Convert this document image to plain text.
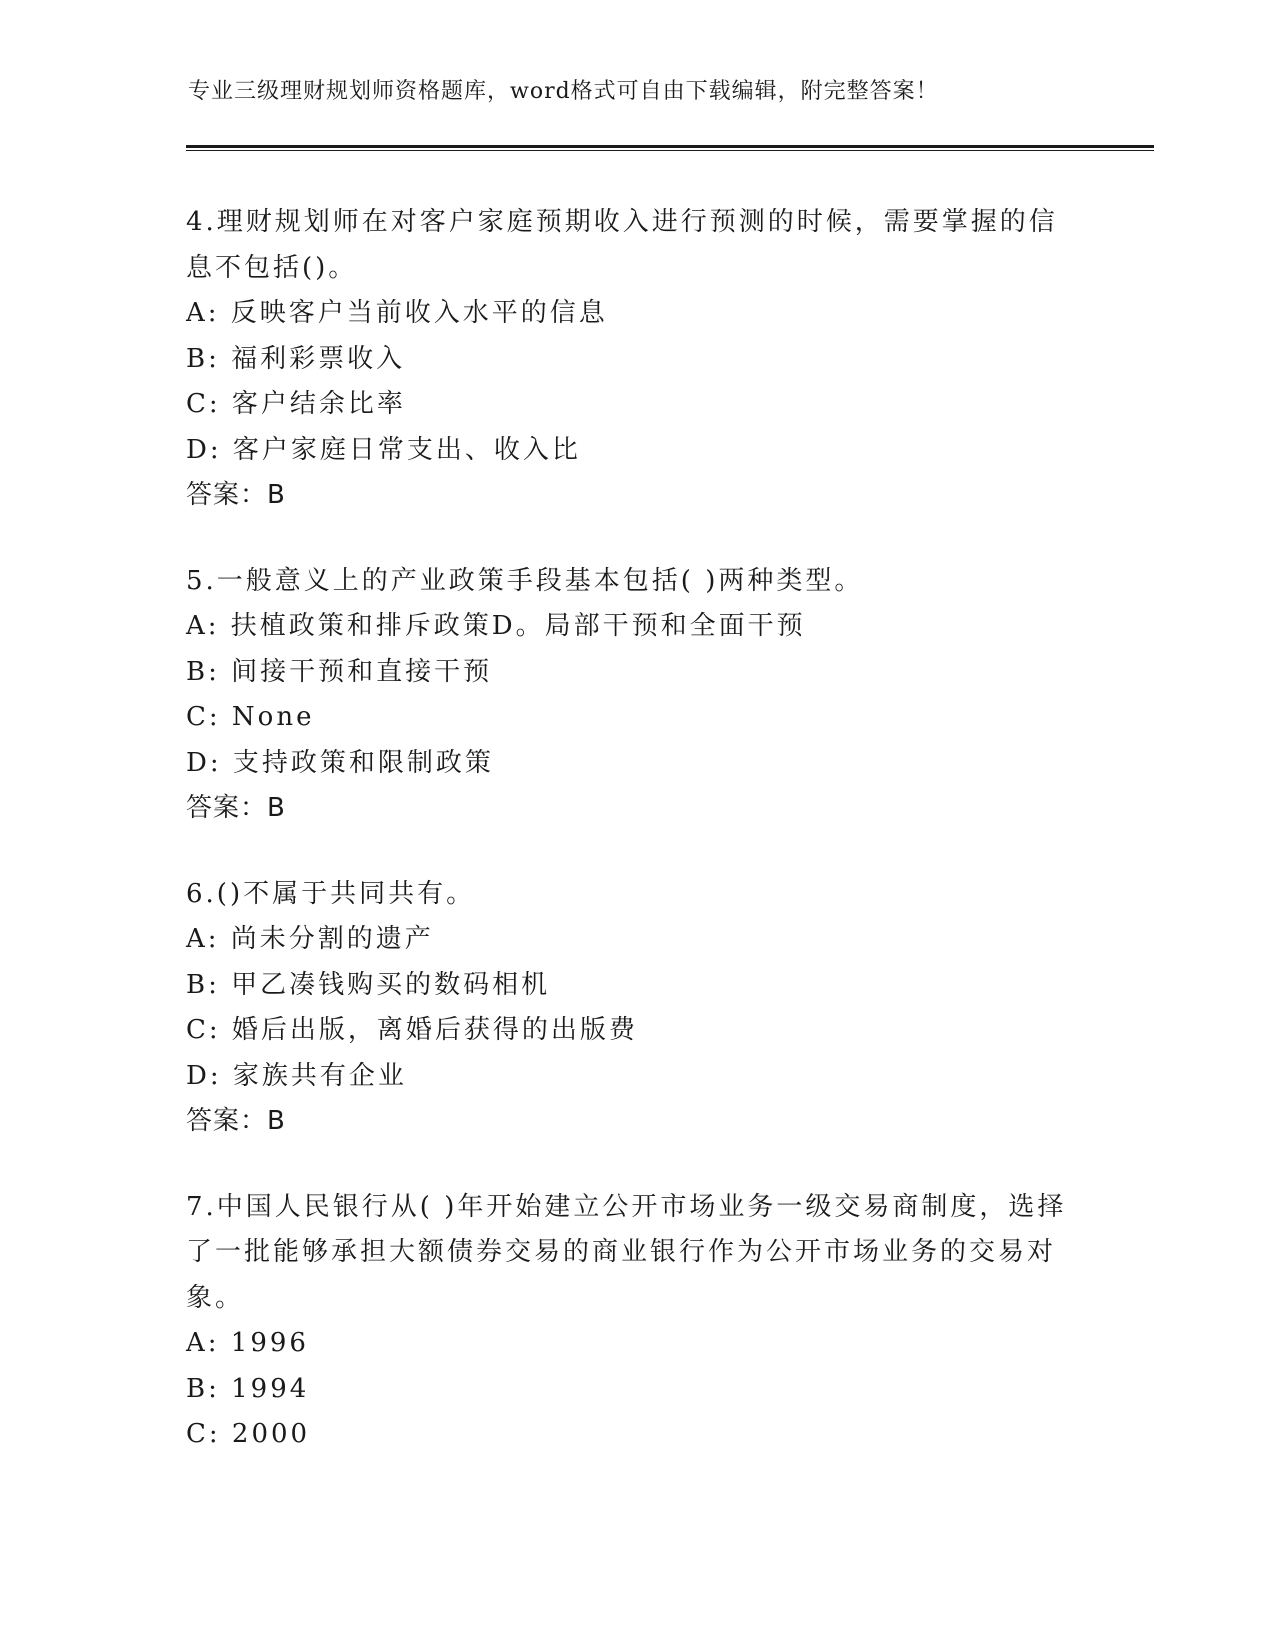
专业三级理财规划师资格题库，word格式可自由下载编辑，附完整答案！
4.理财规划师在对客户家庭预期收入进行预测的时候，需要掌握的信
息不包括()。
A: 反映客户当前收入水平的信息
B: 福利彩票收入
C: 客户结余比率
D: 客户家庭日常支出、收入比
答案：B
5.一般意义上的产业政策手段基本包括( )两种类型。
A: 扶植政策和排斥政策D。局部干预和全面干预
B: 间接干预和直接干预
C: None
D: 支持政策和限制政策
答案：B
6.()不属于共同共有。
A: 尚未分割的遗产
B: 甲乙凑钱购买的数码相机
C: 婚后出版，离婚后获得的出版费
D: 家族共有企业
答案：B
7.中国人民银行从( )年开始建立公开市场业务一级交易商制度，选择
了一批能够承担大额债券交易的商业银行作为公开市场业务的交易对
象。
A: 1996
B: 1994
C: 2000
